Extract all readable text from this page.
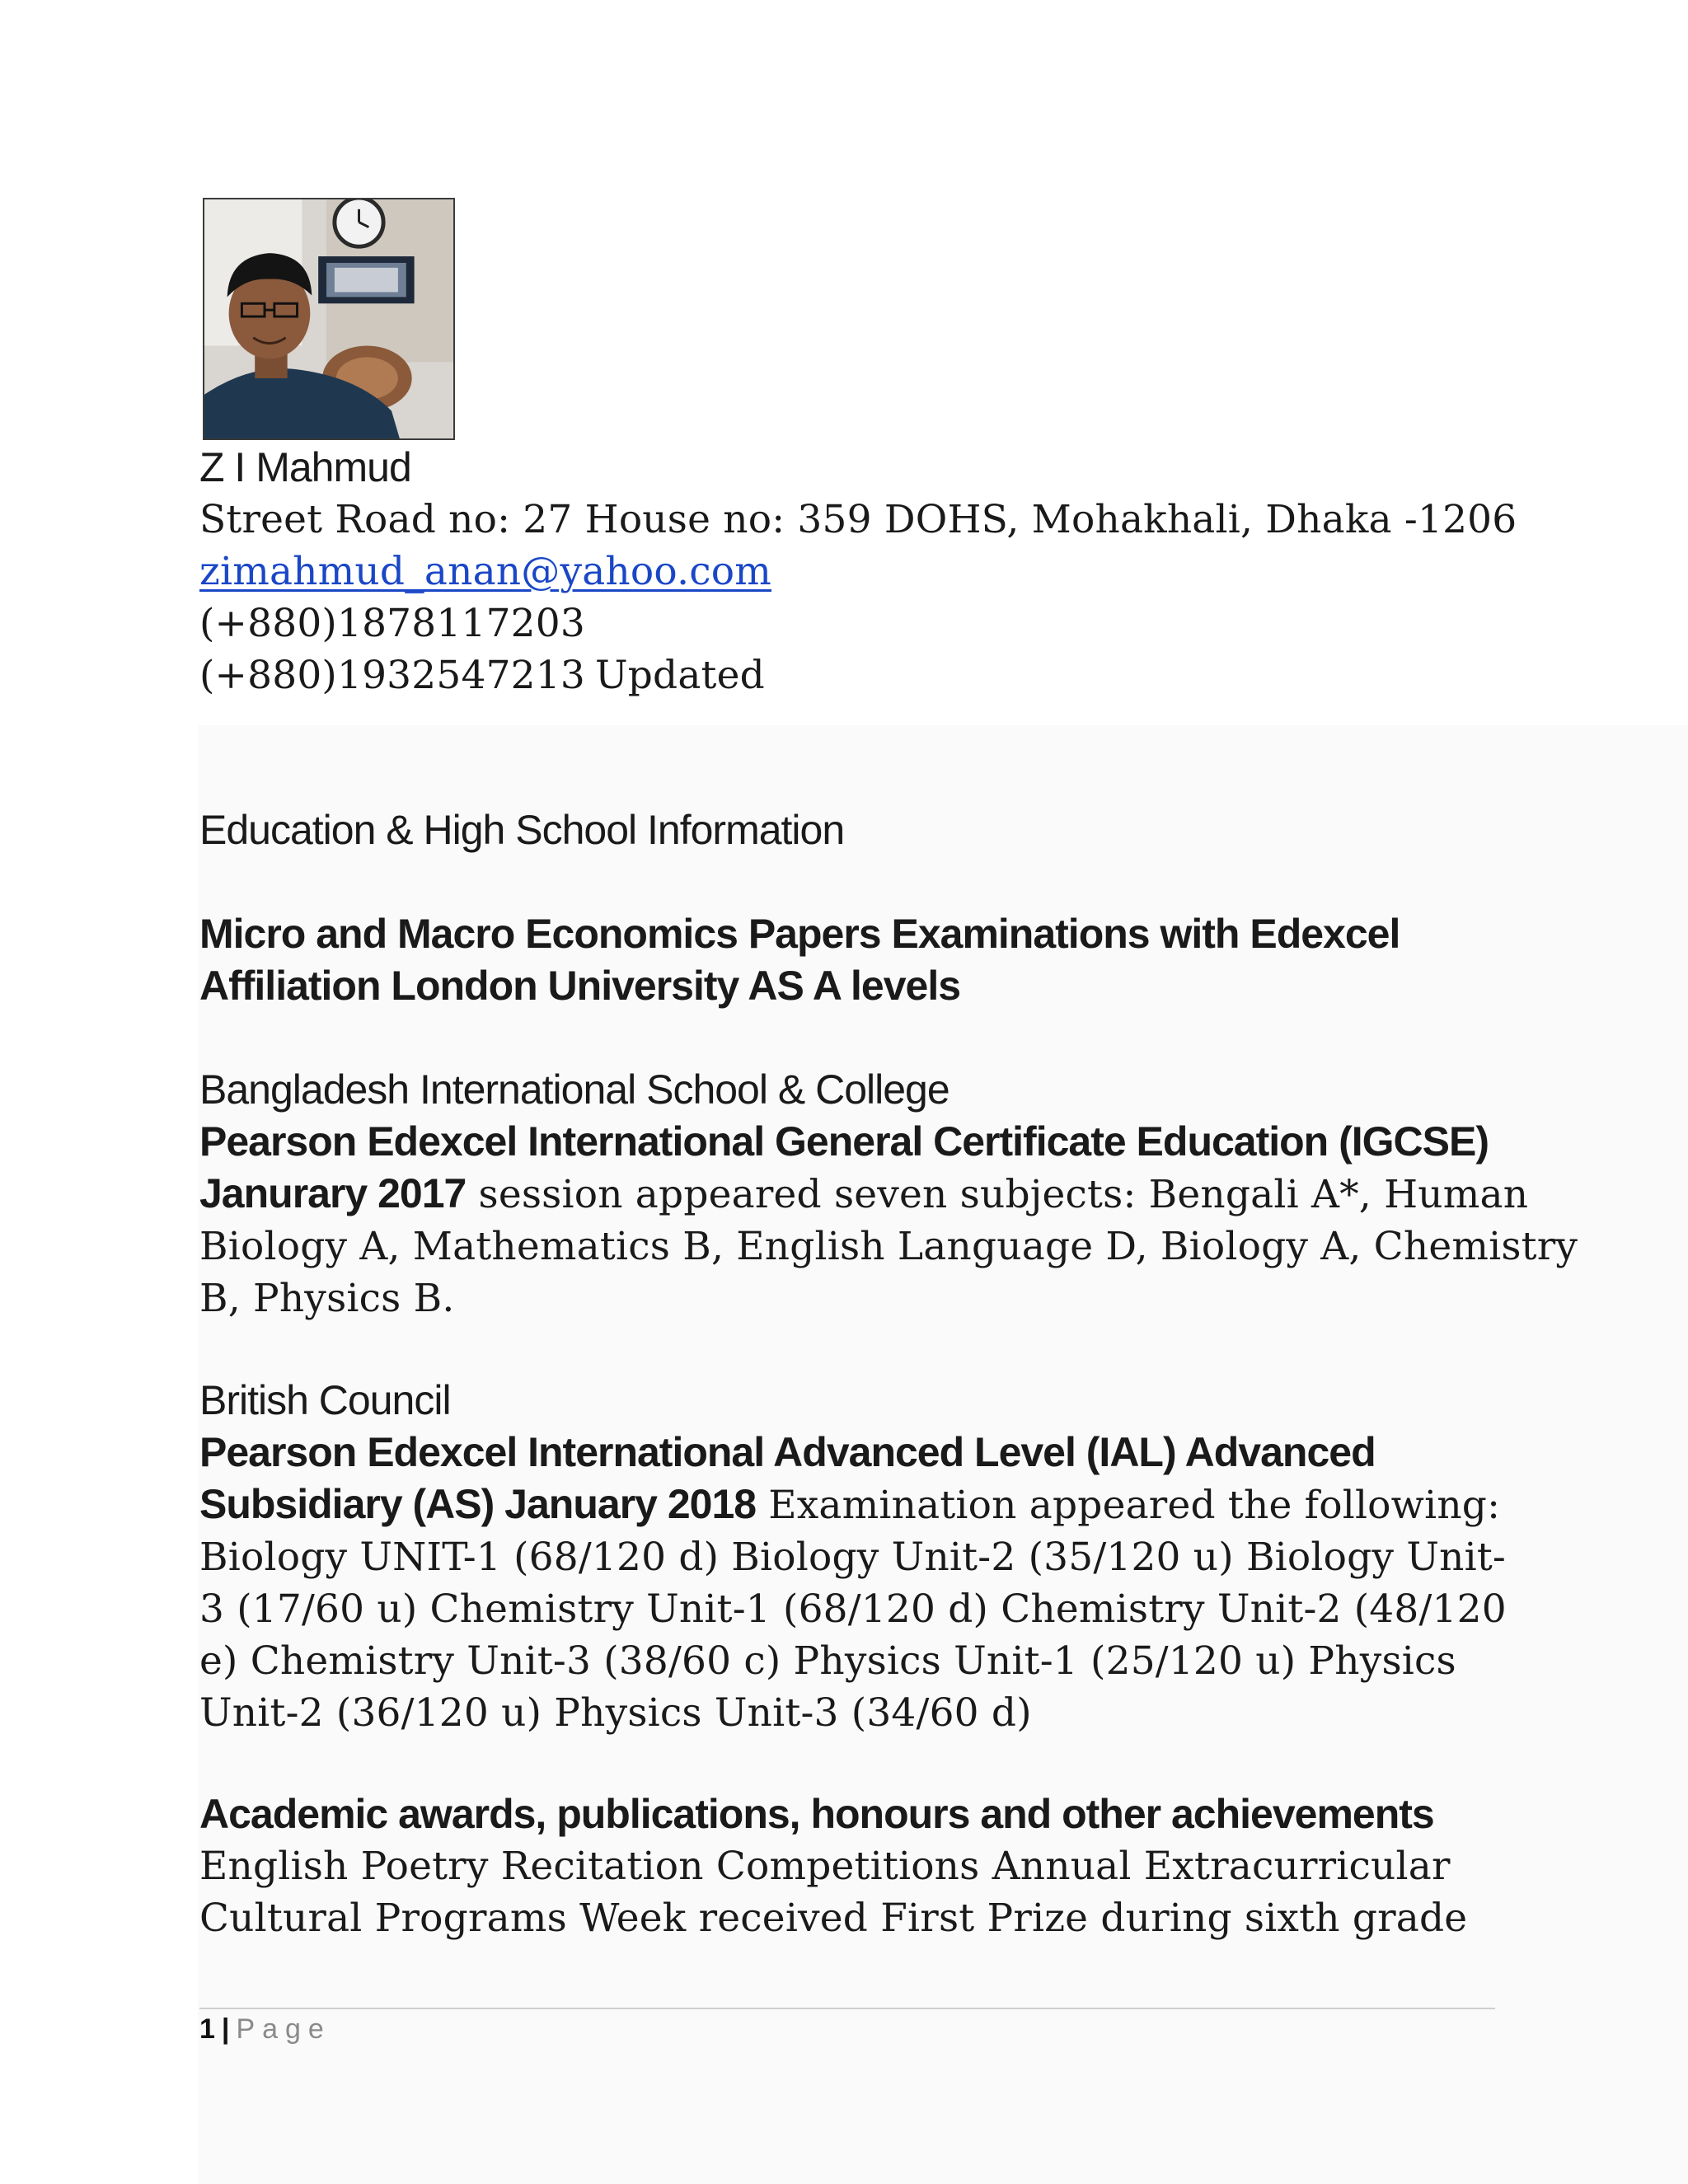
Z I Mahmud
Street Road no: 27 House no: 359 DOHS, Mohakhali, Dhaka -1206
zimahmud_anan@yahoo.com
(+880)1878117203
(+880)1932547213 Updated
Education & High School Information
Micro and Macro Economics Papers Examinations with Edexcel
Affiliation London University AS A levels
Bangladesh International School & College
Pearson Edexcel International General Certificate Education (IGCSE)
Janurary 2017 session appeared seven subjects: Bengali A*, Human
Biology A, Mathematics B, English Language D, Biology A, Chemistry
B, Physics B.
British Council
Pearson Edexcel International Advanced Level (IAL) Advanced
Subsidiary (AS) January 2018 Examination appeared the following:
Biology UNIT-1 (68/120 d) Biology Unit-2 (35/120 u) Biology Unit-
3 (17/60 u) Chemistry Unit-1 (68/120 d) Chemistry Unit-2 (48/120
e) Chemistry Unit-3 (38/60 c) Physics Unit-1 (25/120 u) Physics
Unit-2 (36/120 u) Physics Unit-3 (34/60 d)
Academic awards, publications, honours and other achievements
English Poetry Recitation Competitions Annual Extracurricular
Cultural Programs Week received First Prize during sixth grade
1 | Page
